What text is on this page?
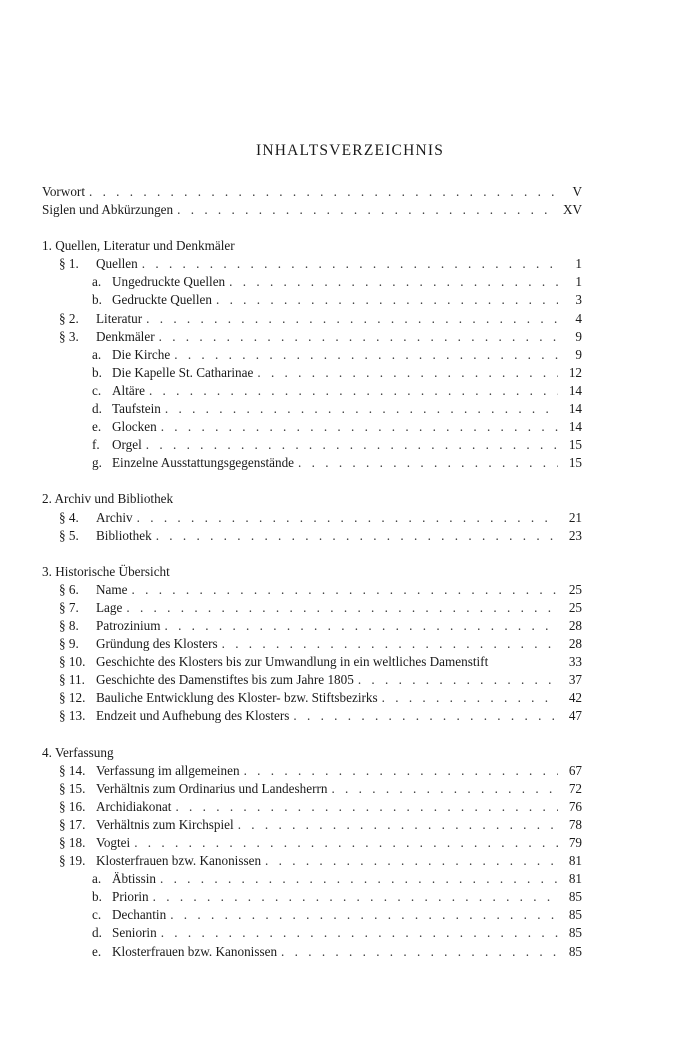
INHALTSVERZEICHNIS
Vorwort . . .	V
Siglen und Abkürzungen . . .	XV
1. Quellen, Literatur und Denkmäler
§ 1.	Quellen . . .	1
a. Ungedruckte Quellen . . .	1
b. Gedruckte Quellen . . .	3
§ 2.	Literatur . . .	4
§ 3.	Denkmäler . . .	9
a. Die Kirche . . .	9
b. Die Kapelle St. Catharinae . . .	12
c. Altäre . . .	14
d. Taufstein . . .	14
e. Glocken . . .	14
f. Orgel . . .	15
g. Einzelne Ausstattungsgegenstände . . .	15
2. Archiv und Bibliothek
§ 4.	Archiv . . .	21
§ 5.	Bibliothek . . .	23
3. Historische Übersicht
§ 6.	Name . . .	25
§ 7.	Lage . . .	25
§ 8.	Patrozinium . . .	28
§ 9.	Gründung des Klosters . . .	28
§ 10. Geschichte des Klosters bis zur Umwandlung in ein weltliches Damenstift	33
§ 11. Geschichte des Damenstiftes bis zum Jahre 1805 . . .	37
§ 12. Bauliche Entwicklung des Kloster- bzw. Stiftsbezirks . . .	42
§ 13. Endzeit und Aufhebung des Klosters . . .	47
4. Verfassung
§ 14. Verfassung im allgemeinen . . .	67
§ 15. Verhältnis zum Ordinarius und Landesherrn . . .	72
§ 16. Archidiakonat . . .	76
§ 17. Verhältnis zum Kirchspiel . . .	78
§ 18. Vogtei . . .	79
§ 19. Klosterfrauen bzw. Kanonissen . . .	81
a. Äbtissin . . .	81
b. Priorin . . .	85
c. Dechantin . . .	85
d. Seniorin . . .	85
e. Klosterfrauen bzw. Kanonissen . . .	85
